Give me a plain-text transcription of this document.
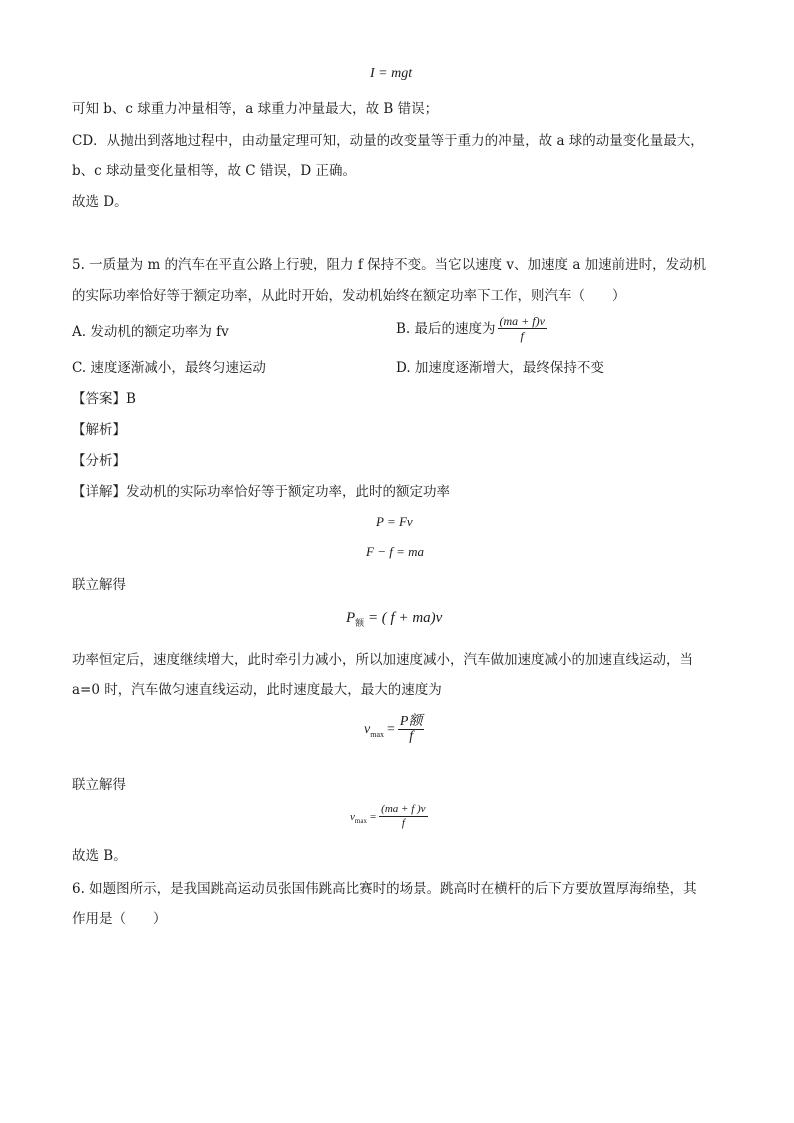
I = mgt
可知 b、c 球重力冲量相等，a 球重力冲量最大，故 B 错误；
CD．从抛出到落地过程中，由动量定理可知，动量的改变量等于重力的冲量，故 a 球的动量变化量最大，
b、c 球动量变化量相等，故 C 错误，D 正确。
故选 D。
5. 一质量为 m 的汽车在平直公路上行驶，阻力 f 保持不变。当它以速度 v、加速度 a 加速前进时，发动机
的实际功率恰好等于额定功率，从此时开始，发动机始终在额定功率下工作，则汽车（　　）
A. 发动机的额定功率为 fv	B. 最后的速度为 $\frac{(ma + f)v}{f}$
C. 速度逐渐减小，最终匀速运动	D. 加速度逐渐增大，最终保持不变
【答案】B
【解析】
【分析】
【详解】发动机的实际功率恰好等于额定功率，此时的额定功率
P = Fv
F − f = ma
联立解得
$P_额$ = ( f + ma)v
功率恒定后，速度继续增大，此时牵引力减小，所以加速度减小，汽车做加速度减小的加速直线运动，当
a=0 时，汽车做匀速直线运动，此时速度最大，最大的速度为
v $\max = \frac{\text{P额}}{f}$
联立解得
v $\max = \frac{(ma + f )v}{f}$
故选 B。
6. 如题图所示，是我国跳高运动员张国伟跳高比赛时的场景。跳高时在横杆的后下方要放置厚海绵垫，其
作用是（　　）
